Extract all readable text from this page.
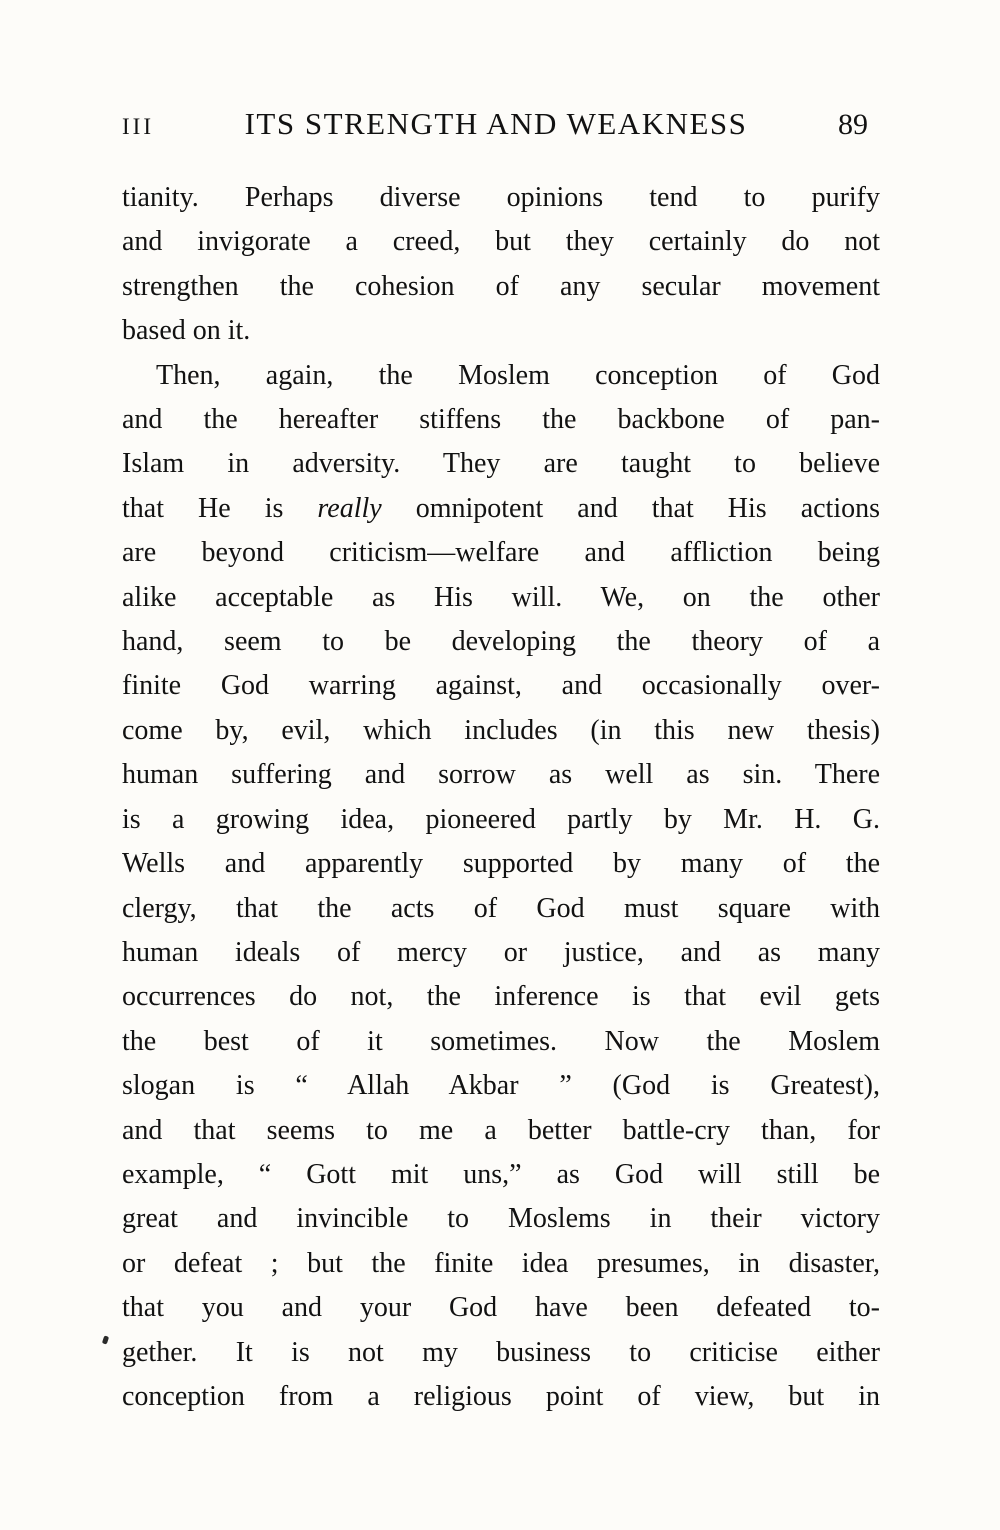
III	ITS STRENGTH AND WEAKNESS	89
tianity. Perhaps diverse opinions tend to purify
and invigorate a creed, but they certainly do not
strengthen the cohesion of any secular movement
based on it.
Then, again, the Moslem conception of God
and the hereafter stiffens the backbone of pan-
Islam in adversity. They are taught to believe
that He is really omnipotent and that His actions
are beyond criticism—welfare and affliction being
alike acceptable as His will. We, on the other
hand, seem to be developing the theory of a
finite God warring against, and occasionally over-
come by, evil, which includes (in this new thesis)
human suffering and sorrow as well as sin. There
is a growing idea, pioneered partly by Mr. H. G.
Wells and apparently supported by many of the
clergy, that the acts of God must square with
human ideals of mercy or justice, and as many
occurrences do not, the inference is that evil gets
the best of it sometimes. Now the Moslem
slogan is “ Allah Akbar ” (God is Greatest),
and that seems to me a better battle-cry than, for
example, “ Gott mit uns,” as God will still be
great and invincible to Moslems in their victory
or defeat ; but the finite idea presumes, in disaster,
that you and your God have been defeated to-
gether. It is not my business to criticise either
conception from a religious point of view, but in
